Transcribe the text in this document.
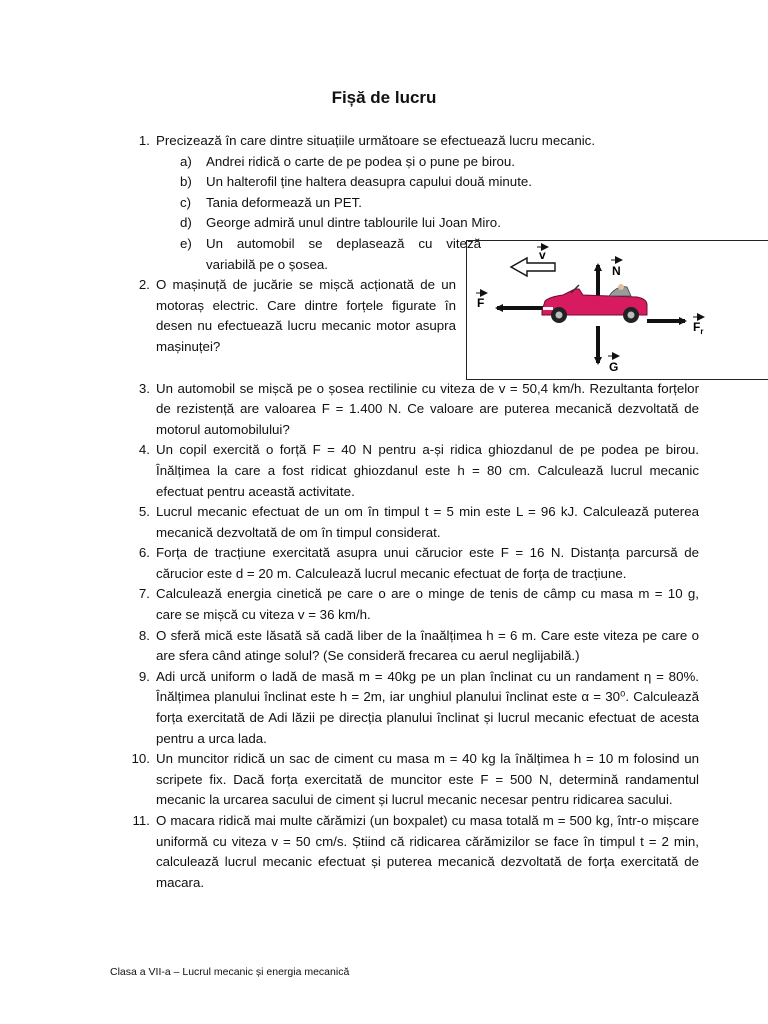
Fișă de lucru
1. Precizează în care dintre situațiile următoare se efectuează lucru mecanic.
a) Andrei ridică o carte de pe podea și o pune pe birou.
b) Un halterofil ține haltera deasupra capului două minute.
c) Tania deformează un PET.
d) George admiră unul dintre tablourile lui Joan Miro.
e) Un automobil se deplasează cu viteză variabilă pe o șosea.
2. O mașinuță de jucărie se mișcă acționată de un motoraș electric. Care dintre forțele figurate în desen nu efectuează lucru mecanic motor asupra mașinuței?
3. Un automobil se mișcă pe o șosea rectilinie cu viteza de v = 50,4 km/h. Rezultanta forțelor de rezistență are valoarea F = 1.400 N. Ce valoare are puterea mecanică dezvoltată de motorul automobilului?
4. Un copil exercită o forță F = 40 N pentru a-și ridica ghiozdanul de pe podea pe birou. Înălțimea la care a fost ridicat ghiozdanul este h = 80 cm. Calculează lucrul mecanic efectuat pentru această activitate.
5. Lucrul mecanic efectuat de un om în timpul t = 5 min este L = 96 kJ. Calculează puterea mecanică dezvoltată de om în timpul considerat.
6. Forța de tracțiune exercitată asupra unui cărucior este F = 16 N. Distanța parcursă de cărucior este d = 20 m. Calculează lucrul mecanic efectuat de forța de tracțiune.
7. Calculează energia cinetică pe care o are o minge de tenis de câmp cu masa m = 10 g, care se mișcă cu viteza v = 36 km/h.
8. O sferă mică este lăsată să cadă liber de la înaălțimea h = 6 m. Care este viteza pe care o are sfera când atinge solul? (Se consideră frecarea cu aerul neglijabilă.)
9. Adi urcă uniform o ladă de masă m = 40kg pe un plan înclinat cu un randament η = 80%. Înălțimea planului înclinat este h = 2m, iar unghiul planului înclinat este α = 30⁰. Calculează forța exercitată de Adi lăzii pe direcția planului înclinat și lucrul mecanic efectuat de acesta pentru a urca lada.
10. Un muncitor ridică un sac de ciment cu masa m = 40 kg la înălțimea h = 10 m folosind un scripete fix. Dacă forța exercitată de muncitor este F = 500 N, determină randamentul mecanic la urcarea sacului de ciment și lucrul mecanic necesar pentru ridicarea sacului.
11. O macara ridică mai multe cărămizi (un boxpalet) cu masa totală m = 500 kg, într-o mișcare uniformă cu viteza v = 50 cm/s. Știind că ridicarea cărămizilor se face în timpul t = 2 min, calculează lucrul mecanic efectuat și puterea mecanică dezvoltată de forța exercitată de macara.
v
N
G
F
$F_r$
Clasa a VII-a – Lucrul mecanic și energia mecanică
